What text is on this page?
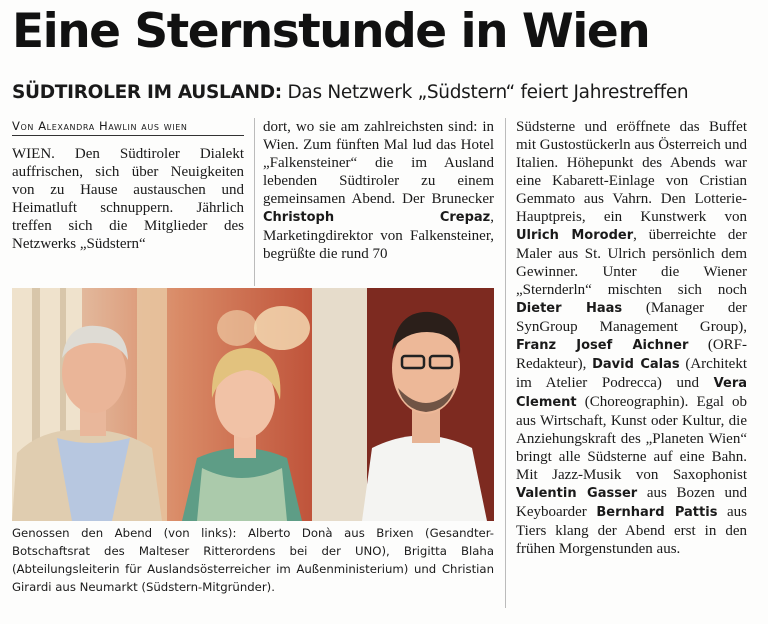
Eine Sternstunde in Wien
SÜDTIROLER IM AUSLAND: Das Netzwerk „Südstern“ feiert Jahrestreffen
Von Alexandra Hawlin aus wien
WIEN. Den Südtiroler Dialekt auffrischen, sich über Neuigkeiten von zu Hause austauschen und Heimatluft schnuppern. Jährlich treffen sich die Mitglieder des Netzwerks „Südstern“
dort, wo sie am zahlreichsten sind: in Wien. Zum fünften Mal lud das Hotel „Falkensteiner“ die im Ausland lebenden Südtiroler zu einem gemeinsamen Abend. Der Brunecker Christoph Crepaz, Marketingdirektor von Falkensteiner, begrüßte die rund 70
Südsterne und eröffnete das Buffet mit Gustostückerln aus Österreich und Italien. Höhepunkt des Abends war eine Kabarett-Einlage von Cristian Gemmato aus Vahrn. Den Lotterie-Hauptpreis, ein Kunstwerk von Ulrich Moroder, überreichte der Maler aus St. Ulrich persönlich dem Gewinner. Unter die Wiener „Sternderln“ mischten sich noch Dieter Haas (Manager der SynGroup Management Group), Franz Josef Aichner (ORF-Redakteur), David Calas (Architekt im Atelier Podrecca) und Vera Clement (Choreographin). Egal ob aus Wirtschaft, Kunst oder Kultur, die Anziehungskraft des „Planeten Wien“ bringt alle Südsterne auf eine Bahn. Mit Jazz-Musik von Saxophonist Valentin Gasser aus Bozen und Keyboarder Bernhard Pattis aus Tiers klang der Abend erst in den frühen Morgenstunden aus.
Genossen den Abend (von links): Alberto Donà aus Brixen (Gesandter-Botschaftsrat des Malteser Ritterordens bei der UNO), Brigitta Blaha (Abteilungsleiterin für Auslandsösterreicher im Außenministerium) und Christian Girardi aus Neumarkt (Südstern-Mitgründer).
